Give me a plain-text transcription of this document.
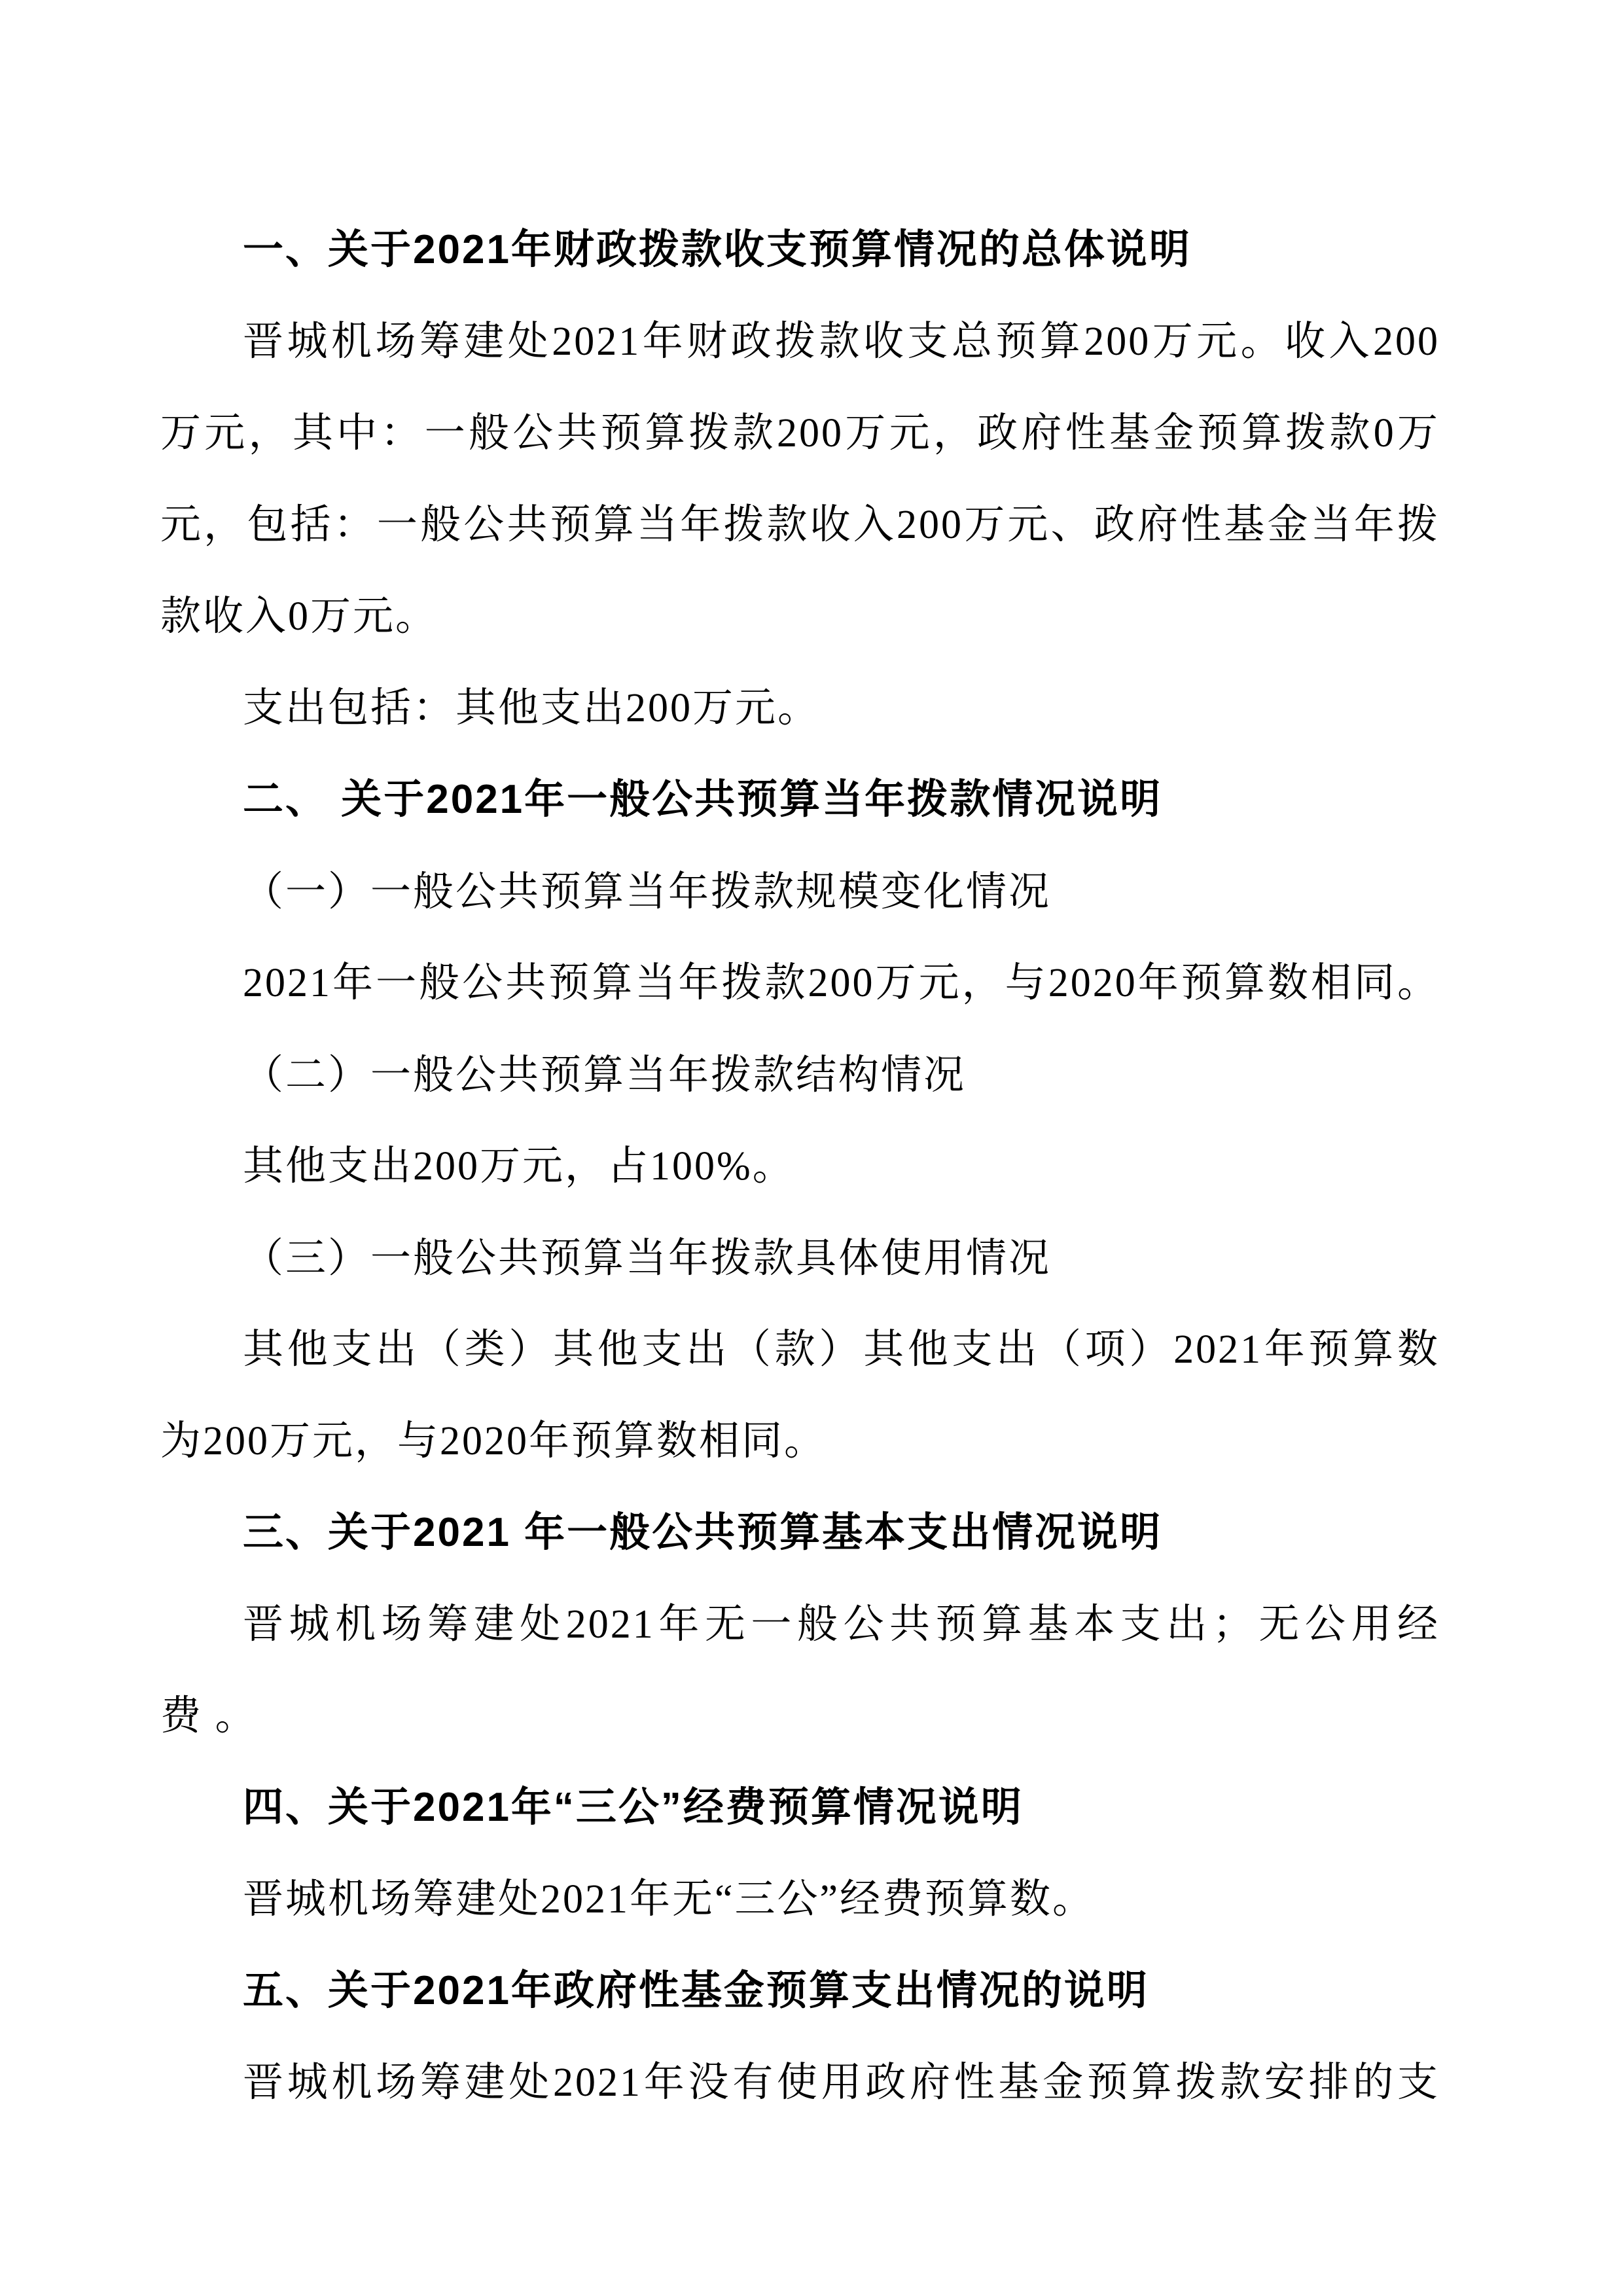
一、关于2021年财政拨款收支预算情况的总体说明
晋城机场筹建处2021年财政拨款收支总预算200万元。收入200
万元，其中：一般公共预算拨款200万元，政府性基金预算拨款0万
元，包括：一般公共预算当年拨款收入200万元、政府性基金当年拨
款收入0万元。
支出包括：其他支出200万元。
二、 关于2021年一般公共预算当年拨款情况说明
（一）一般公共预算当年拨款规模变化情况
2021年一般公共预算当年拨款200万元，与2020年预算数相同。
（二）一般公共预算当年拨款结构情况
其他支出200万元，占100%。
（三）一般公共预算当年拨款具体使用情况
其他支出（类）其他支出（款）其他支出（项）2021年预算数
为200万元，与2020年预算数相同。
三、关于2021 年一般公共预算基本支出情况说明
晋城机场筹建处2021年无一般公共预算基本支出；无公用经
费 。
四、关于2021年“三公”经费预算情况说明
晋城机场筹建处2021年无“三公”经费预算数。
五、关于2021年政府性基金预算支出情况的说明
晋城机场筹建处2021年没有使用政府性基金预算拨款安排的支
